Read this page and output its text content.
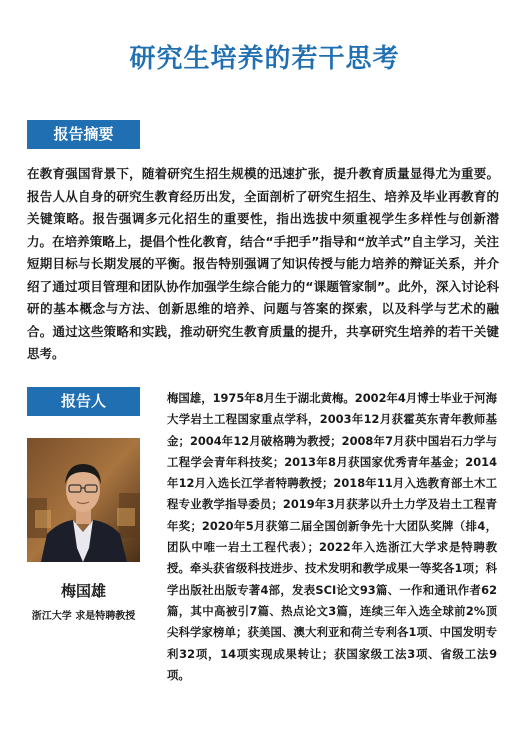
研究生培养的若干思考
报告摘要

在教育强国背景下，随着研究生招生规模的迅速扩张，提升教育质量显得尤为重要。报告人从自身的研究生教育经历出发，全面剖析了研究生招生、培养及毕业再教育的关键策略。报告强调多元化招生的重要性，指出选拔中须重视学生多样性与创新潜力。在培养策略上，提倡个性化教育，结合“手把手”指导和“放羊式”自主学习，关注短期目标与长期发展的平衡。报告特别强调了知识传授与能力培养的辩证关系，并介绍了通过项目管理和团队协作加强学生综合能力的“课题管家制”。此外，深入讨论科研的基本概念与方法、创新思维的培养、问题与答案的探索，以及科学与艺术的融合。通过这些策略和实践，推动研究生教育质量的提升，共享研究生培养的若干关键思考。

报告人
梅国雄
浙江大学 求是特聘教授

梅国雄，1975年8月生于湖北黄梅。2002年4月博士毕业于河海大学岩土工程国家重点学科，2003年12月获霍英东青年教师基金；2004年12月破格聘为教授；2008年7月获中国岩石力学与工程学会青年科技奖；2013年8月获国家优秀青年基金；2014年12月入选长江学者特聘教授；2018年11月入选教育部土木工程专业教学指导委员；2019年3月获茅以升土力学及岩土工程青年奖；2020年5月获第二届全国创新争先十大团队奖牌（排4，团队中唯一岩土工程代表）；2022年入选浙江大学求是特聘教授。牵头获省级科技进步、技术发明和教学成果一等奖各1项；科学出版社出版专著4部，发表SCI论文93篇、一作和通讯作者62篇，其中高被引7篇、热点论文3篇，连续三年入选全球前2%顶尖科学家榜单；获美国、澳大利亚和荷兰专利各1项、中国发明专利32项，14项实现成果转让；获国家级工法3项、省级工法9项。
